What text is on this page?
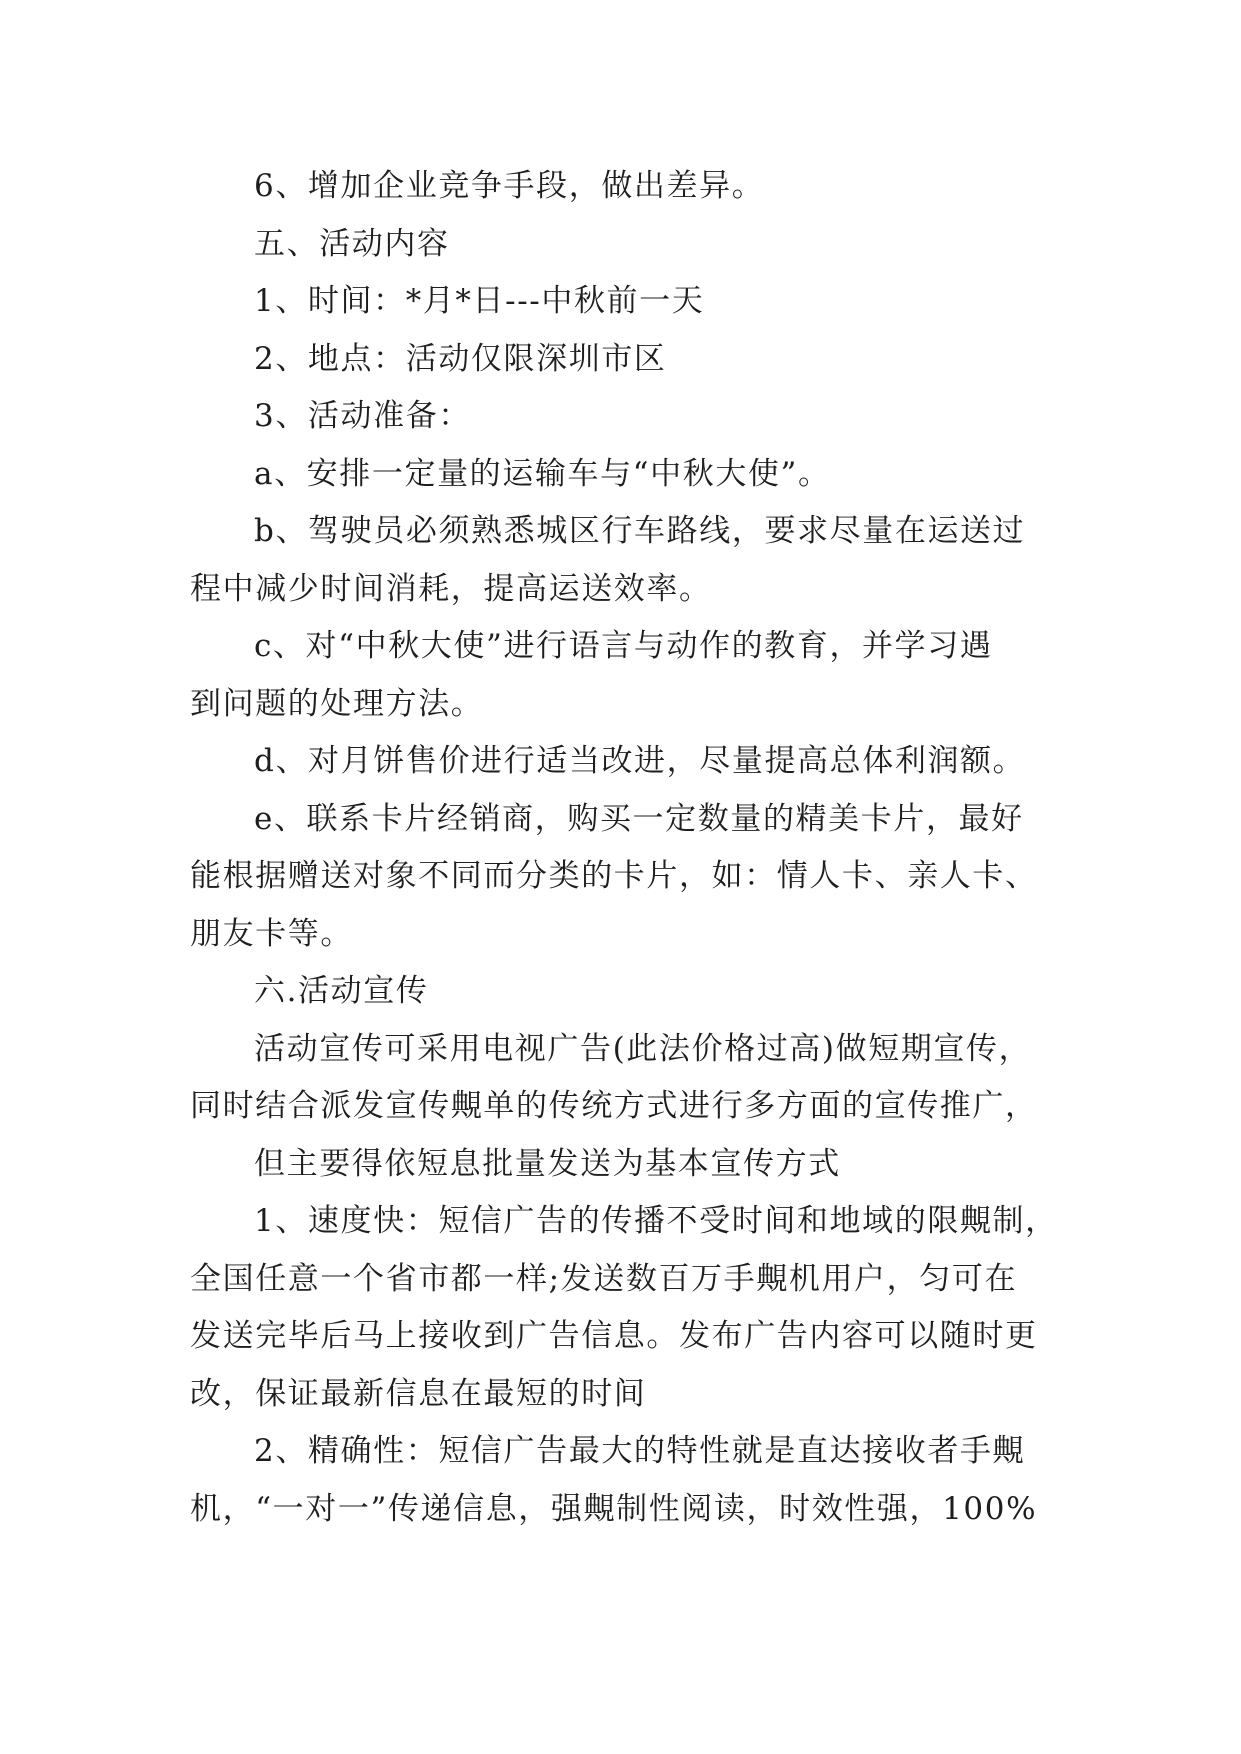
6、增加企业竞争手段，做出差异。
五、活动内容
1、时间：*月*日---中秋前一天
2、地点：活动仅限深圳市区
3、活动准备：
a、安排一定量的运输车与“中秋大使”。
b、驾驶员必须熟悉城区行车路线，要求尽量在运送过
程中减少时间消耗，提高运送效率。
c、对“中秋大使”进行语言与动作的教育，并学习遇
到问题的处理方法。
d、对月饼售价进行适当改进，尽量提高总体利润额。
e、联系卡片经销商，购买一定数量的精美卡片，最好
能根据赠送对象不同而分类的卡片，如：情人卡、亲人卡、
朋友卡等。
六.活动宣传
活动宣传可采用电视广告(此法价格过高)做短期宣传，
同时结合派发宣传覥单的传统方式进行多方面的宣传推广，
但主要得依短息批量发送为基本宣传方式
1、速度快：短信广告的传播不受时间和地域的限覥制，
全国任意一个省市都一样;发送数百万手覥机用户，匀可在
发送完毕后马上接收到广告信息。发布广告内容可以随时更
改，保证最新信息在最短的时间
2、精确性：短信广告最大的特性就是直达接收者手覥
机，“一对一”传递信息，强覥制性阅读，时效性强，100%
